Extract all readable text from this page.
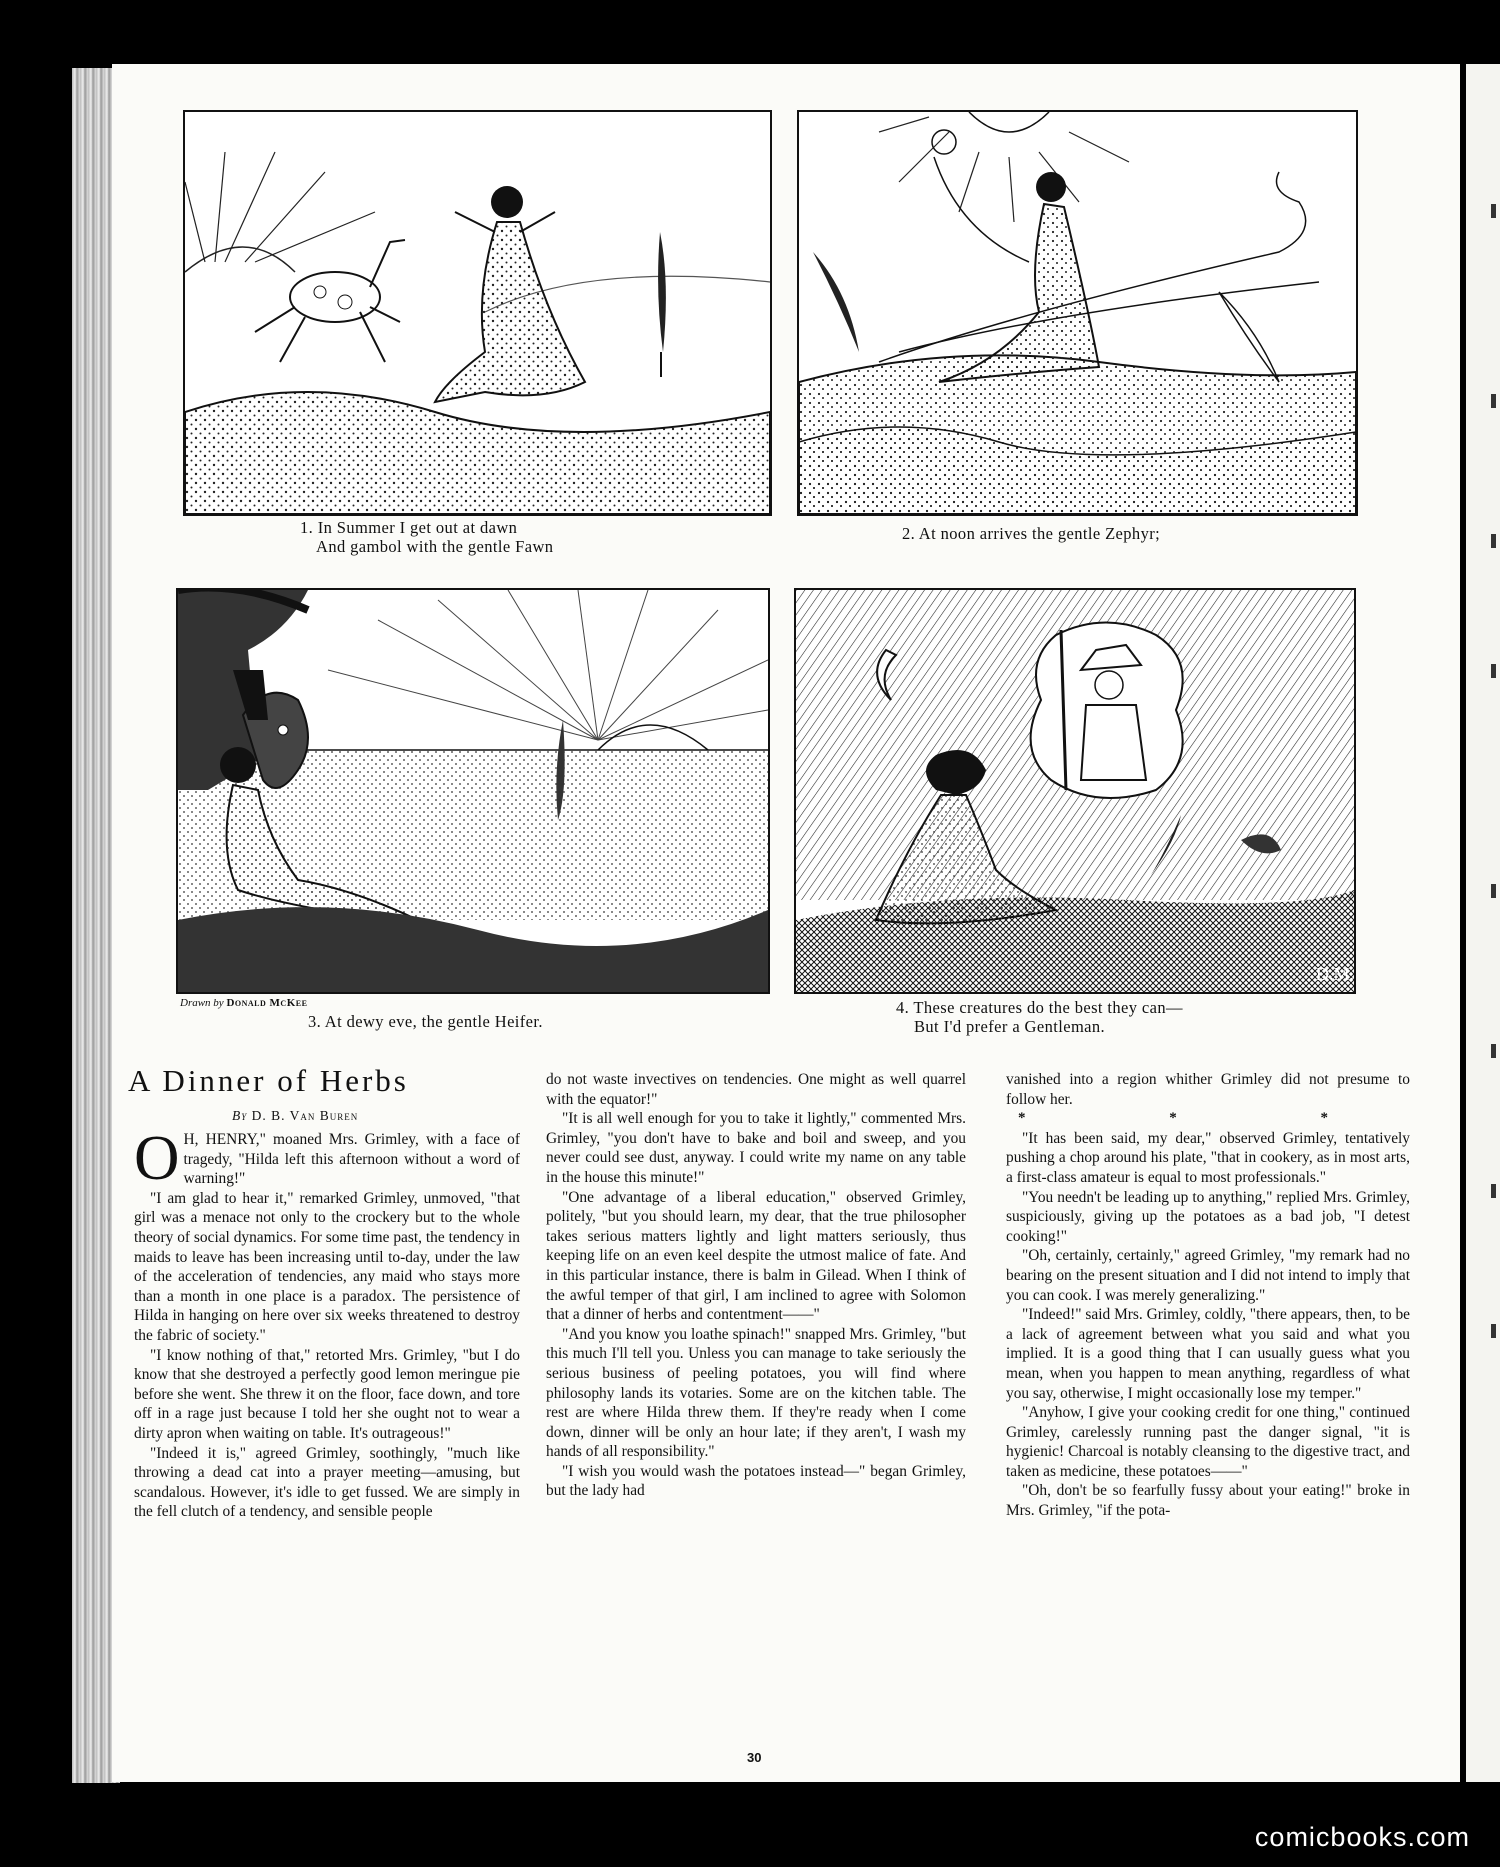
1. In Summer I get out at dawn
And gambol with the gentle Fawn
2. At noon arrives the gentle Zephyr;
Drawn by Donald McKee
3. At dewy eve, the gentle Heifer.
D.M.
4. These creatures do the best they can—
But I'd prefer a Gentleman.
A Dinner of Herbs
By D. B. Van Buren

O H, HENRY," moaned Mrs. Grimley, with a face of tragedy, "Hilda left this afternoon without a word of warning!"

"I am glad to hear it," remarked Grimley, unmoved, "that girl was a menace not only to the crockery but to the whole theory of social dynamics. For some time past, the tendency in maids to leave has been increasing until to-day, under the law of the acceleration of tendencies, any maid who stays more than a month in one place is a paradox. The persistence of Hilda in hanging on here over six weeks threatened to destroy the fabric of society."

"I know nothing of that," retorted Mrs. Grimley, "but I do know that she destroyed a perfectly good lemon meringue pie before she went. She threw it on the floor, face down, and tore off in a rage just because I told her she ought not to wear a dirty apron when waiting on table. It's outrageous!"

"Indeed it is," agreed Grimley, soothingly, "much like throwing a dead cat into a prayer meeting—amusing, but scandalous. However, it's idle to get fussed. We are simply in the fell clutch of a tendency, and sensible people

do not waste invectives on tendencies. One might as well quarrel with the equator!"

"It is all well enough for you to take it lightly," commented Mrs. Grimley, "you don't have to bake and boil and sweep, and you never could see dust, anyway. I could write my name on any table in the house this minute!"

"One advantage of a liberal education," observed Grimley, politely, "but you should learn, my dear, that the true philosopher takes serious matters lightly and light matters seriously, thus keeping life on an even keel despite the utmost malice of fate. And in this particular instance, there is balm in Gilead. When I think of the awful temper of that girl, I am inclined to agree with Solomon that a dinner of herbs and contentment——"

"And you know you loathe spinach!" snapped Mrs. Grimley, "but this much I'll tell you. Unless you can manage to take seriously the serious business of peeling potatoes, you will find where philosophy lands its votaries. Some are on the kitchen table. The rest are where Hilda threw them. If they're ready when I come down, dinner will be only an hour late; if they aren't, I wash my hands of all responsibility."

"I wish you would wash the potatoes instead—" began Grimley, but the lady had

vanished into a region whither Grimley did not presume to follow her.

* * *

"It has been said, my dear," observed Grimley, tentatively pushing a chop around his plate, "that in cookery, as in most arts, a first-class amateur is equal to most professionals."

"You needn't be leading up to anything," replied Mrs. Grimley, suspiciously, giving up the potatoes as a bad job, "I detest cooking!"

"Oh, certainly, certainly," agreed Grimley, "my remark had no bearing on the present situation and I did not intend to imply that you can cook. I was merely generalizing."

"Indeed!" said Mrs. Grimley, coldly, "there appears, then, to be a lack of agreement between what you said and what you implied. It is a good thing that I can usually guess what you mean, when you happen to mean anything, regardless of what you say, otherwise, I might occasionally lose my temper."

"Anyhow, I give your cooking credit for one thing," continued Grimley, carelessly running past the danger signal, "it is hygienic! Charcoal is notably cleansing to the digestive tract, and taken as medicine, these potatoes——"

"Oh, don't be so fearfully fussy about your eating!" broke in Mrs. Grimley, "if the pota-

30
comicbooks.com
